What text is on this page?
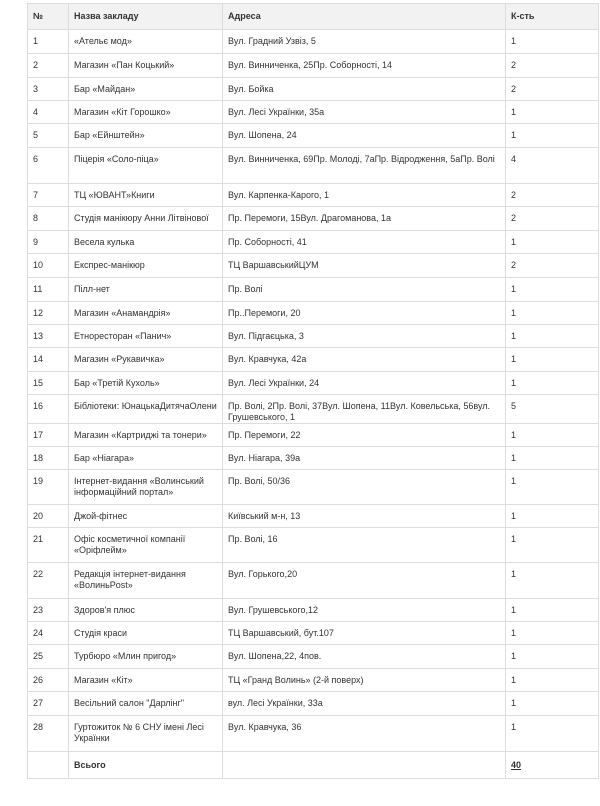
№	Назва закладу	Адреса	К-сть
1	«Ательє мод»	Вул. Градний Узвіз, 5	1
2	Магазин «Пан Коцький»	Вул. Винниченка, 25Пр. Соборності, 14	2
3	Бар «Майдан»	Вул. Бойка	2
4	Магазин «Кіт Горошко»	Вул. Лесі Українки, 35а	1
5	Бар «Ейнштейн»	Вул. Шопена, 24	1
6	Піцерія «Соло-піца»	Вул. Винниченка, 69Пр. Молоді, 7аПр. Відродження, 5аПр. Волі	4
7	ТЦ «ЮВАНТ»Книги	Вул. Карпенка-Карого, 1	2
8	Студія манікюру Анни Літвінової	Пр. Перемоги, 15Вул. Драгоманова, 1а	2
9	Весела кулька	Пр. Соборності, 41	1
10	Експрес-манікюр	ТЦ ВаршавськийЦУМ	2
11	Пілл-нет	Пр. Волі	1
12	Магазин «Анамандрія»	Пр..Перемоги, 20	1
13	Етноресторан «Панич»	Вул. Підгаєцька, 3	1
14	Магазин «Рукавичка»	Вул. Кравчука, 42а	1
15	Бар «Третій Кухоль»	Вул. Лесі Українки, 24	1
16	Бібліотеки: ЮнацькаДитячаОлени	Пр. Волі, 2Пр. Волі, 37Вул. Шопена, 11Вул. Ковельська, 56вул. Грушевського, 1	5
17	Магазин «Картриджі та тонери»	Пр. Перемоги, 22	1
18	Бар «Ніагара»	Вул. Ніагара, 39а	1
19	Інтернет-видання «Волинський інформаційний портал»	Пр. Волі, 50/36	1
20	Джой-фітнес	Київський м-н, 13	1
21	Офіс косметичної компанії «Оріфлейм»	Пр. Волі, 16	1
22	Редакція інтернет-видання «ВолиньPost»	Вул. Горького,20	1
23	Здоров'я плюс	Вул. Грушевського,12	1
24	Студія краси	ТЦ Варшавський, бут.107	1
25	Турбюро «Млин пригод»	Вул. Шопена,22, 4пов.	1
26	Магазин «Кіт»	ТЦ «Гранд Волинь» (2-й поверх)	1
27	Весільний салон "Дарлінг"	вул. Лесі Українки, 33а	1
28	Гуртожиток № 6 СНУ імені Лесі Українки	Вул. Кравчука, 36	1
	Всього		40
